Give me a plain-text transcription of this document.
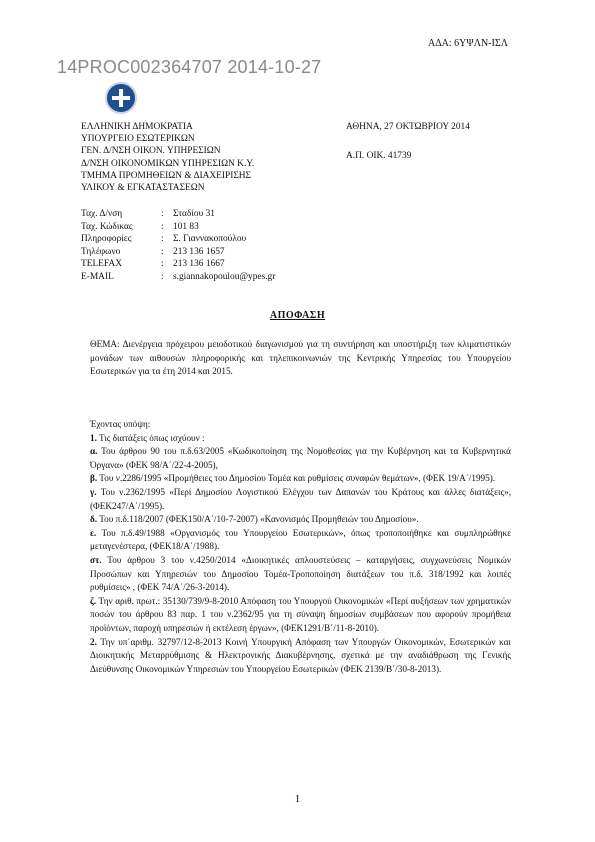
ΑΔΑ: 6ΥΨΛΝ-ΙΣΛ
14PROC002364707 2014-10-27
ΕΛΛΗΝΙΚΗ ΔΗΜΟΚΡΑΤΙΑ
ΥΠΟΥΡΓΕΙΟ ΕΣΩΤΕΡΙΚΩΝ
ΓΕΝ. Δ/ΝΣΗ ΟΙΚΟΝ. ΥΠΗΡΕΣΙΩΝ
Δ/ΝΣΗ ΟΙΚΟΝΟΜΙΚΩΝ ΥΠΗΡΕΣΙΩΝ Κ.Υ.
ΤΜΗΜΑ ΠΡΟΜΗΘΕΙΩΝ & ΔΙΑΧΕΙΡΙΣΗΣ
ΥΛΙΚΟΥ & ΕΓΚΑΤΑΣΤΑΣΕΩΝ
ΑΘΗΝΑ, 27 ΟΚΤΩΒΡΙΟΥ 2014
Α.Π. ΟΙΚ. 41739
Ταχ. Δ/νση	: Σταδίου 31
Ταχ. Κώδικας	: 101 83
Πληροφορίες	: Σ. Γιαννακοπούλου
Τηλέφωνο	: 213 136 1657
TELEFAX	: 213 136 1667
E-MAIL	: s.giannakopoulou@ypes.gr
ΑΠΟΦΑΣΗ

ΘΕΜΑ: Διενέργεια πρόχειρου μειοδοτικού διαγωνισμού για τη συντήρηση και υποστήριξη των κλιματιστικών μονάδων των αιθουσών πληροφορικής και τηλεπικοινωνιών της Κεντρικής Υπηρεσίας του Υπουργείου Εσωτερικών για τα έτη 2014 και 2015.

Έχοντας υπόψη:

1. Τις διατάξεις όπως ισχύουν :

α. Του άρθρου 90 του π.δ.63/2005 «Κωδικοποίηση της Νομοθεσίας για την Κυβέρνηση και τα Κυβερνητικά Όργανα» (ΦΕΚ 98/Α΄/22-4-2005),

β. Του ν.2286/1995 «Προμήθειες του Δημοσίου Τομέα και ρυθμίσεις συναφών θεμάτων», (ΦΕΚ 19/Α΄/1995).

γ. Του ν.2362/1995 «Περί Δημοσίου Λογιστικού Ελέγχου των Δαπανών του Κράτους και άλλες διατάξεις», (ΦΕΚ247/Α΄/1995).

δ. Του π.δ.118/2007 (ΦΕΚ150/Α΄/10-7-2007) «Κανονισμός Προμηθειών του Δημοσίου».

ε. Του π.δ.49/1988 «Οργανισμός του Υπουργείου Εσωτερικών», όπως τροποποιήθηκε και συμπληρώθηκε μεταγενέστερα, (ΦΕΚ18/Α΄/1988).

στ. Του άρθρου 3 του ν.4250/2014 «Διοικητικές απλουστεύσεις – καταργήσεις, συγχωνεύσεις Νομικών Προσώπων και Υπηρεσιών του Δημοσίου Τομέα-Τροποποίηση διατάξεων του π.δ. 318/1992 και λοιπές ρυθμίσεις» , (ΦΕΚ 74/Α΄/26-3-2014).

ζ. Την αριθ. πρωτ.: 35130/739/9-8-2010 Απόφαση του Υπουργού Οικονομικών «Περί αυξήσεων των χρηματικών ποσών του άρθρου 83 παρ. 1 του ν.2362/95 για τη σύναψη δημοσίων συμβάσεων που αφορούν προμήθεια προϊόντων, παροχή υπηρεσιών ή εκτέλεση έργων», (ΦΕΚ1291/Β΄/11-8-2010).

2. Την υπ΄αριθμ. 32797/12-8-2013 Κοινή Υπουργική Απόφαση των Υπουργών Οικονομικών, Εσωτερικών και Διοικητικής Μεταρρύθμισης & Ηλεκτρονικής Διακυβέρνησης, σχετικά με την αναδιάθρωση της Γενικής Διεύθυνσης Οικονομικών Υπηρεσιών του Υπουργείου Εσωτερικών (ΦΕΚ 2139/Β΄/30-8-2013).

1
